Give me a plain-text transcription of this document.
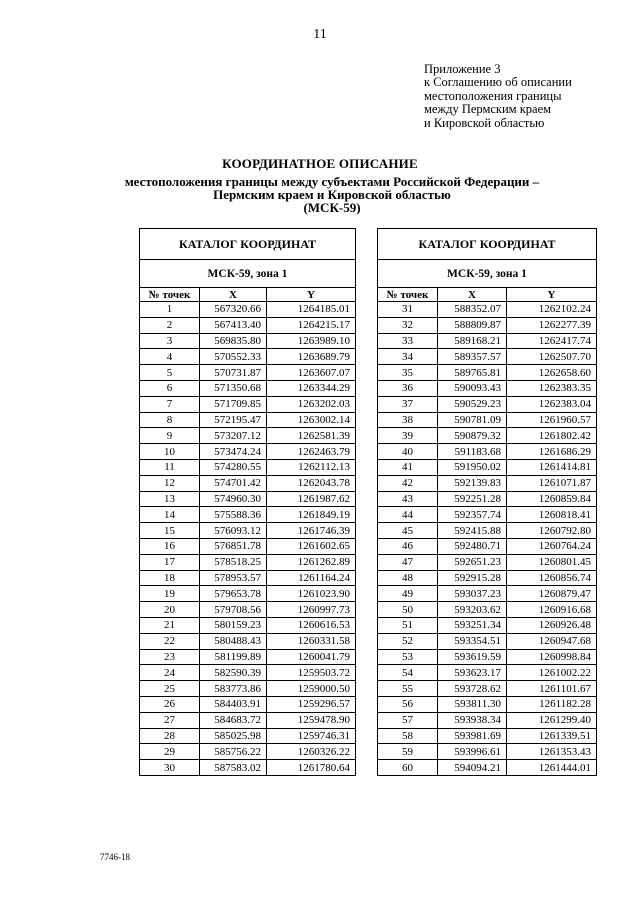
11
Приложение 3
к Соглашению об описании
местоположения границы
между Пермским краем
и Кировской областью
КООРДИНАТНОЕ ОПИСАНИЕ
местоположения границы между субъектами Российской Федерации –
Пермским краем и Кировской областью
(МСК-59)
КАТАЛОГ КООРДИНАТ		
МСК-59, зона 1		
№ точек	X	Y
1	567320.66	1264185.01
2	567413.40	1264215.17
3	569835.80	1263989.10
4	570552.33	1263689.79
5	570731.87	1263607.07
6	571350.68	1263344.29
7	571709.85	1263202.03
8	572195.47	1263002.14
9	573207.12	1262581.39
10	573474.24	1262463.79
11	574280.55	1262112.13
12	574701.42	1262043.78
13	574960.30	1261987.62
14	575588.36	1261849.19
15	576093.12	1261746.39
16	576851.78	1261602.65
17	578518.25	1261262.89
18	578953.57	1261164.24
19	579653.78	1261023.90
20	579708.56	1260997.73
21	580159.23	1260616.53
22	580488.43	1260331.58
23	581199.89	1260041.79
24	582590.39	1259503.72
25	583773.86	1259000.50
26	584403.91	1259296.57
27	584683.72	1259478.90
28	585025.98	1259746.31
29	585756.22	1260326.22
30	587583.02	1261780.64
КАТАЛОГ КООРДИНАТ		
МСК-59, зона 1		
№ точек	X	Y
31	588352.07	1262102.24
32	588809.87	1262277.39
33	589168.21	1262417.74
34	589357.57	1262507.70
35	589765.81	1262658.60
36	590093.43	1262383.35
37	590529.23	1262383.04
38	590781.09	1261960.57
39	590879.32	1261802.42
40	591183.68	1261686.29
41	591950.02	1261414.81
42	592139.83	1261071.87
43	592251.28	1260859.84
44	592357.74	1260818.41
45	592415.88	1260792.80
46	592480.71	1260764.24
47	592651.23	1260801.45
48	592915.28	1260856.74
49	593037.23	1260879.47
50	593203.62	1260916.68
51	593251.34	1260926.48
52	593354.51	1260947.68
53	593619.59	1260998.84
54	593623.17	1261002.22
55	593728.62	1261101.67
56	593811.30	1261182.28
57	593938.34	1261299.40
58	593981.69	1261339.51
59	593996.61	1261353.43
60	594094.21	1261444.01
7746-18
